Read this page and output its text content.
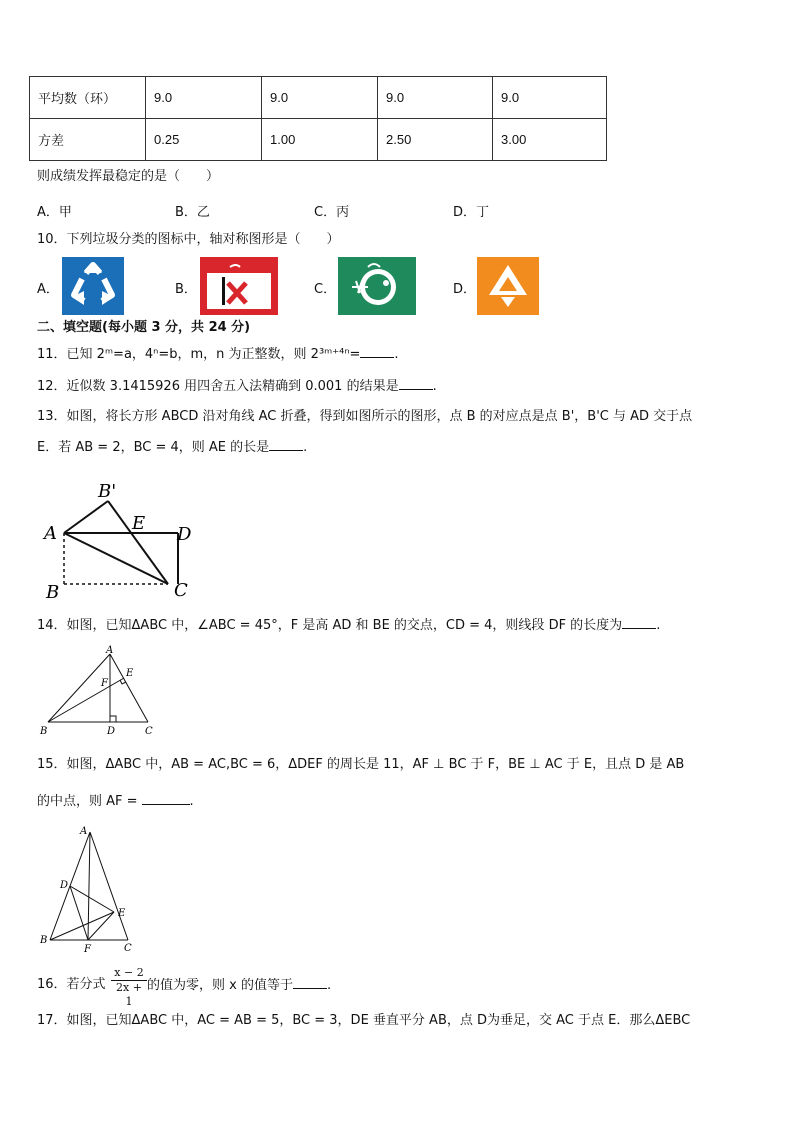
平均数（环）	9.0	9.0	9.0	9.0
方差	0.25	1.00	2.50	3.00
则成绩发挥最稳定的是（　　）
A．甲	B．乙	C．丙	D．丁
10．下列垃圾分类的图标中，轴对称图形是（　　）
A．	B．	C．	D．
二、填空题(每小题 3 分，共 24 分)
11．已知 2ᵐ=a，4ⁿ=b，m，n 为正整数，则 2³ᵐ⁺⁴ⁿ=	.
12．近似数 3.1415926 用四舍五入法精确到 0.001 的结果是	.
13．如图，将长方形 ABCD 沿对角线 AC 折叠，得到如图所示的图形，点 B 的对应点是点 B'，B'C 与 AD 交于点
E．若 AB = 2，BC = 4，则 AE 的长是	.
B'
A	E
D
B	C
14．如图，已知ΔABC 中，∠ABC = 45°，F 是高 AD 和 BE 的交点，CD = 4，则线段 DF 的长度为	.
A
E
F
B	D	C
15．如图，ΔABC 中，AB = AC,BC = 6，ΔDEF 的周长是 11，AF ⊥ BC 于 F，BE ⊥ AC 于 E，且点 D 是 AB
的中点，则 AF =	.
A
D
E
B
F	C
16．若分式 $\frac{x - 2}{2x + 1}$ 的值为零，则 x 的值等于	.
17．如图，已知ΔABC 中，AC = AB = 5，BC = 3，DE 垂直平分 AB，点 D为垂足，交 AC 于点 E．那么ΔEBC
